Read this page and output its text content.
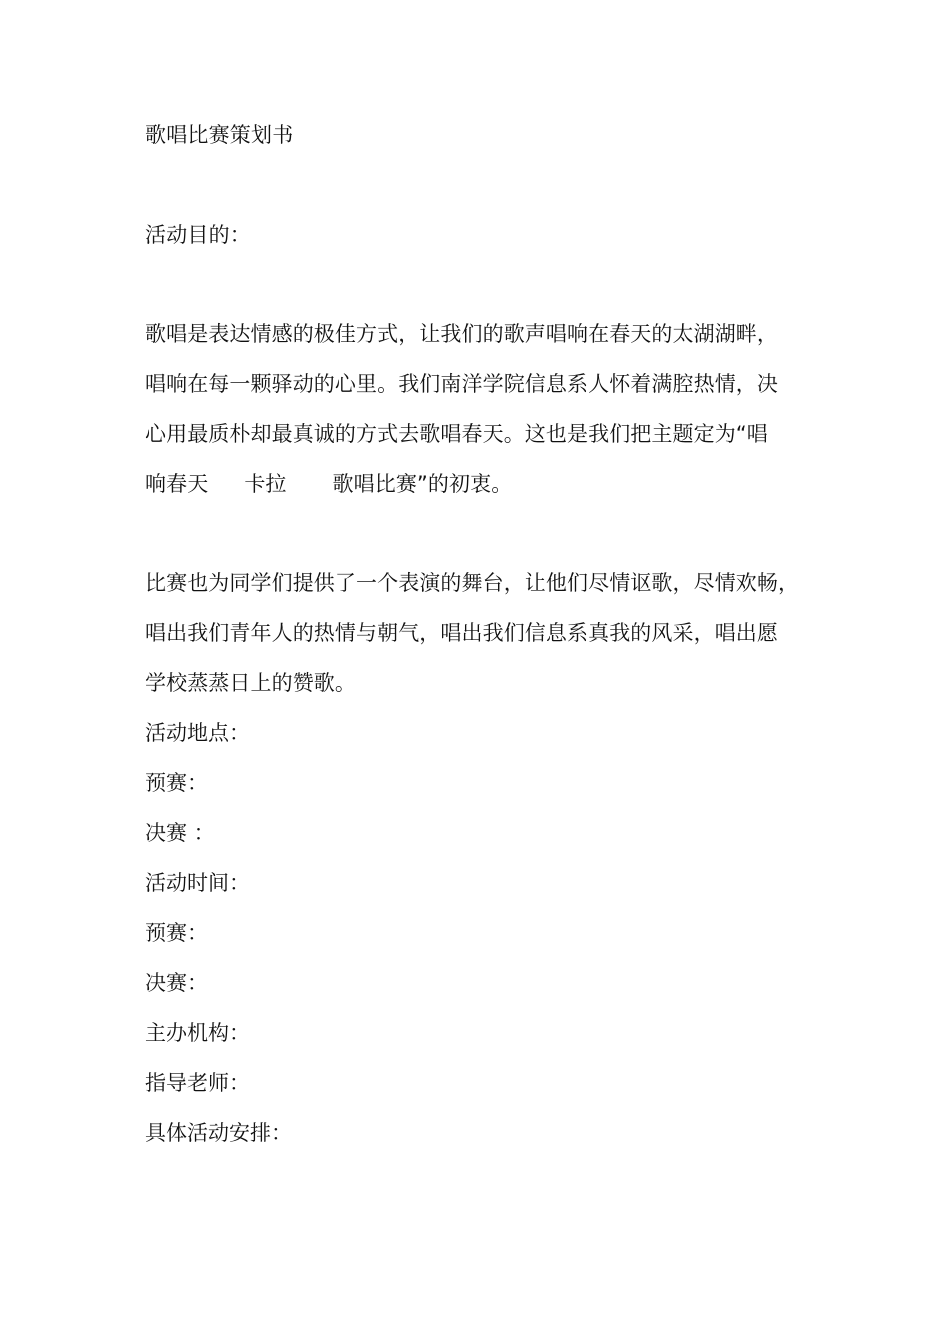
歌唱比赛策划书
活动目的：

歌唱是表达情感的极佳方式，让我们的歌声唱响在春天的太湖湖畔，
唱响在每一颗驿动的心里。我们南洋学院信息系人怀着满腔热情，决
心用最质朴却最真诚的方式去歌唱春天。这也是我们把主题定为“唱
响春天 卡拉 歌唱比赛”的初衷。

比赛也为同学们提供了一个表演的舞台，让他们尽情讴歌，尽情欢畅，
唱出我们青年人的热情与朝气，唱出我们信息系真我的风采，唱出愿
学校蒸蒸日上的赞歌。

活动地点：
预赛：
决赛 ：
活动时间：
预赛：
决赛：
主办机构：
指导老师：
具体活动安排：
